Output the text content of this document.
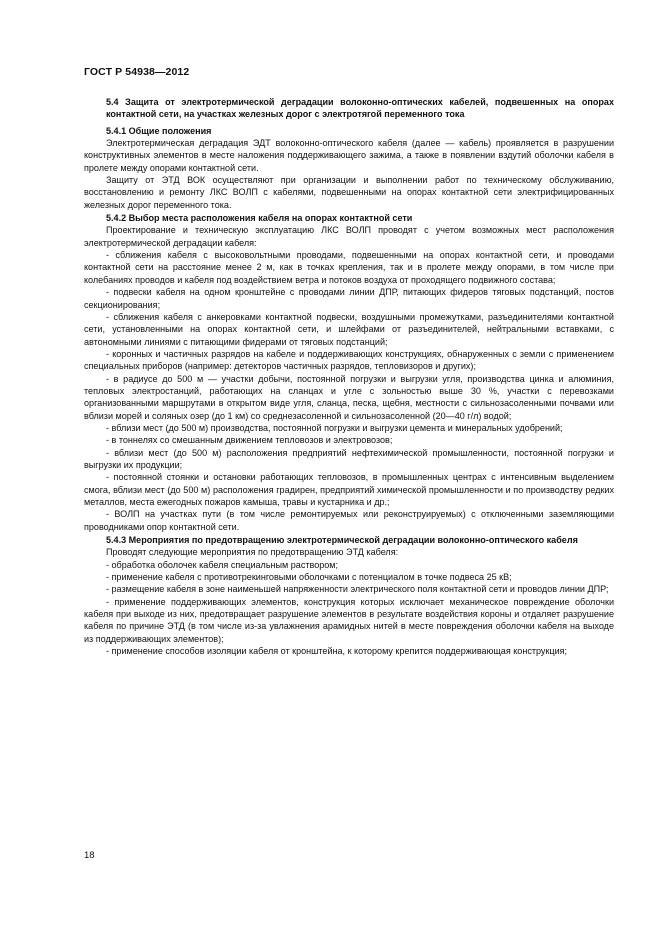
ГОСТ Р 54938—2012

5.4 Защита от электротермической деградации волоконно-оптических кабелей, подвешенных на опорах контактной сети, на участках железных дорог с электротягой переменного тока

5.4.1 Общие положения

Электротермическая деградация ЭДТ волоконно-оптического кабеля (далее — кабель) проявляется в разрушении конструктивных элементов в месте наложения поддерживающего зажима, а также в появлении вздутий оболочки кабеля в пролете между опорами контактной сети.

Защиту от ЭТД ВОК осуществляют при организации и выполнении работ по техническому обслуживанию, восстановлению и ремонту ЛКС ВОЛП с кабелями, подвешенными на опорах контактной сети электрифицированных железных дорог переменного тока.

5.4.2 Выбор места расположения кабеля на опорах контактной сети

Проектирование и техническую эксплуатацию ЛКС ВОЛП проводят с учетом возможных мест расположения электротермической деградации кабеля:

- сближения кабеля с высоковольтными проводами, подвешенными на опорах контактной сети, и проводами контактной сети на расстояние менее 2 м, как в точках крепления, так и в пролете между опорами, в том числе при колебаниях проводов и кабеля под воздействием ветра и потоков воздуха от проходящего подвижного состава;

- подвески кабеля на одном кронштейне с проводами линии ДПР, питающих фидеров тяговых подстанций, постов секционирования;

- сближения кабеля с анкеровками контактной подвески, воздушными промежутками, разъединителями контактной сети, установленными на опорах контактной сети, и шлейфами от разъединителей, нейтральными вставками, с автономными линиями с питающими фидерами от тяговых подстанций;

- коронных и частичных разрядов на кабеле и поддерживающих конструкциях, обнаруженных с земли с применением специальных приборов (например: детекторов частичных разрядов, тепловизоров и других);

- в радиусе до 500 м — участки добычи, постоянной погрузки и выгрузки угля, производства цинка и алюминия, тепловых электростанций, работающих на сланцах и угле с зольностью выше 30 %, участки с перевозками организованными маршрутами в открытом виде угля, сланца, песка, щебня, местности с сильнозасоленными почвами или вблизи морей и соляных озер (до 1 км) со среднезасоленной и сильнозасоленной (20—40 г/л) водой;

- вблизи мест (до 500 м) производства, постоянной погрузки и выгрузки цемента и минеральных удобрений;

- в тоннелях со смешанным движением тепловозов и электровозов;

- вблизи мест (до 500 м) расположения предприятий нефтехимической промышленности, постоянной погрузки и выгрузки их продукции;

- постоянной стоянки и остановки работающих тепловозов, в промышленных центрах с интенсивным выделением смога, вблизи мест (до 500 м) расположения градирен, предприятий химической промышленности и по производству редких металлов, места ежегодных пожаров камыша, травы и кустарника и др.;

- ВОЛП на участках пути (в том числе ремонтируемых или реконструируемых) с отключенными заземляющими проводниками опор контактной сети.

5.4.3 Мероприятия по предотвращению электротермической деградации волоконно-оптического кабеля

Проводят следующие мероприятия по предотвращению ЭТД кабеля:

- обработка оболочек кабеля специальным раствором;

- применение кабеля с противотрекинговыми оболочками с потенциалом в точке подвеса 25 кВ;

- размещение кабеля в зоне наименьшей напряженности электрического поля контактной сети и проводов линии ДПР;

- применение поддерживающих элементов, конструкция которых исключает механическое повреждение оболочки кабеля при выходе из них, предотвращает разрушение элементов в результате воздействия короны и отдаляет разрушение кабеля по причине ЭТД (в том числе из-за увлажнения арамидных нитей в месте повреждения оболочки кабеля на выходе из поддерживающих элементов);

- применение способов изоляции кабеля от кронштейна, к которому крепится поддерживающая конструкция;

18
